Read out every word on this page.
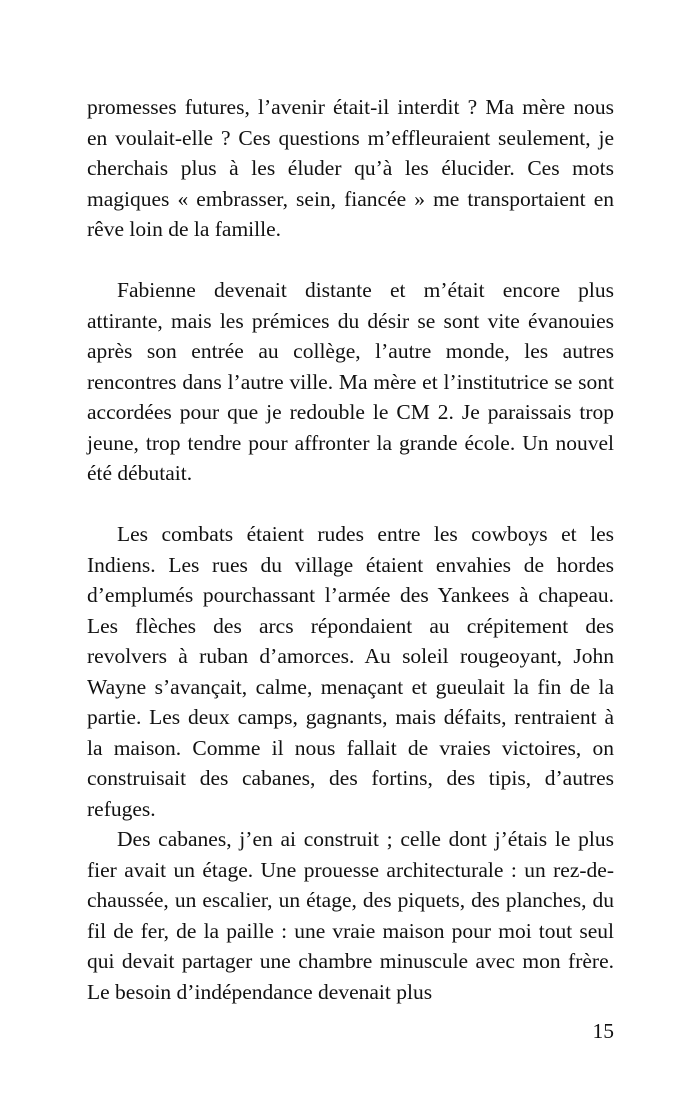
promesses futures, l’avenir était-il interdit ? Ma mère nous en voulait-elle ? Ces questions m’effleuraient seulement, je cherchais plus à les éluder qu’à les élucider. Ces mots magiques « embrasser, sein, fiancée » me transportaient en rêve loin de la famille.

Fabienne devenait distante et m’était encore plus attirante, mais les prémices du désir se sont vite évanouies après son entrée au collège, l’autre monde, les autres rencontres dans l’autre ville. Ma mère et l’institutrice se sont accordées pour que je redouble le CM 2. Je paraissais trop jeune, trop tendre pour affronter la grande école. Un nouvel été débutait.

Les combats étaient rudes entre les cowboys et les Indiens. Les rues du village étaient envahies de hordes d’emplumés pourchassant l’armée des Yankees à chapeau. Les flèches des arcs répondaient au crépitement des revolvers à ruban d’amorces. Au soleil rougeoyant, John Wayne s’avançait, calme, menaçant et gueulait la fin de la partie. Les deux camps, gagnants, mais défaits, rentraient à la maison. Comme il nous fallait de vraies victoires, on construisait des cabanes, des fortins, des tipis, d’autres refuges.

Des cabanes, j’en ai construit ; celle dont j’étais le plus fier avait un étage. Une prouesse architecturale : un rez-de-chaussée, un escalier, un étage, des piquets, des planches, du fil de fer, de la paille : une vraie maison pour moi tout seul qui devait partager une chambre minuscule avec mon frère. Le besoin d’indépendance devenait plus

15
